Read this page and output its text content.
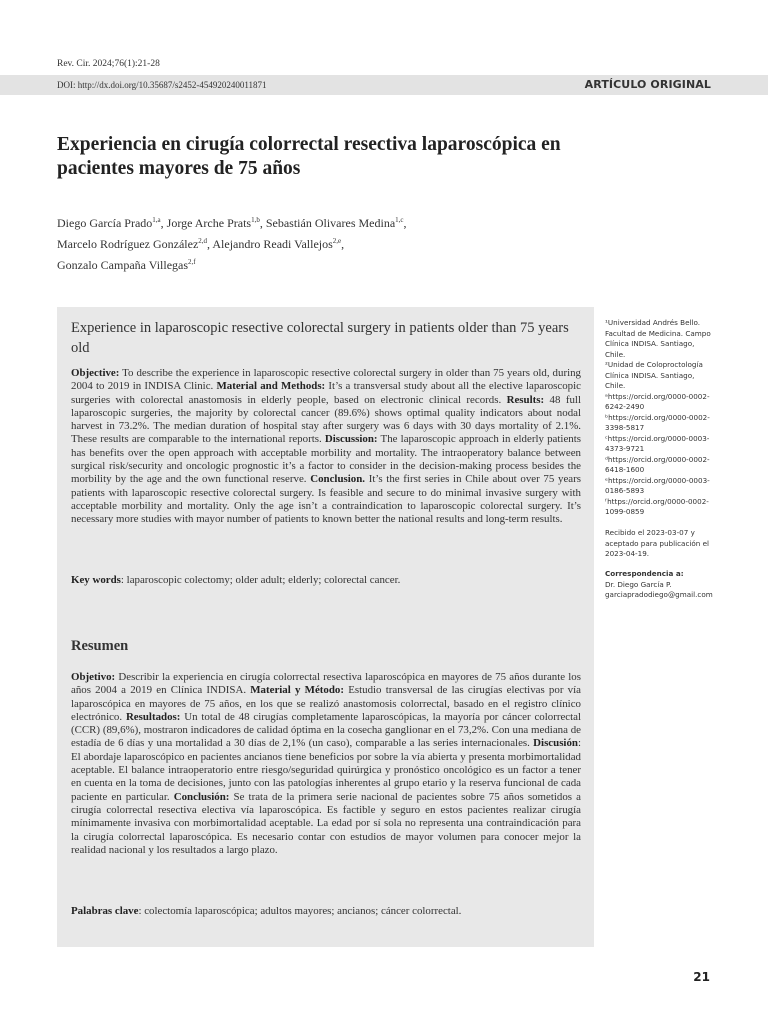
Rev. Cir. 2024;76(1):21-28
DOI: http://dx.doi.org/10.35687/s2452-454920240011871	ARTÍCULO ORIGINAL
Experiencia en cirugía colorrectal resectiva laparoscópica en pacientes mayores de 75 años
Diego García Prado$^{1,a}$, Jorge Arche Prats$^{1,b}$, Sebastián Olivares Medina$^{1,c}$,
Marcelo Rodríguez González$^{2,d}$, Alejandro Readi Vallejos$^{2,e}$,
Gonzalo Campaña Villegas$^{2,f}$
Experience in laparoscopic resective colorectal surgery in patients older than 75 years old

Objective: To describe the experience in laparoscopic resective colorectal surgery in older than 75 years old, during 2004 to 2019 in INDISA Clinic. Material and Methods: It’s a transversal study about all the elective laparoscopic surgeries with colorectal anastomosis in elderly people, based on electronic clinical records. Results: 48 full laparoscopic surgeries, the majority by colorectal cancer (89.6%) shows optimal quality indicators about nodal harvest in 73.2%. The median duration of hospital stay after surgery was 6 days with 30 days mortality of 2.1%. These results are comparable to the international reports. Discussion: The laparoscopic approach in elderly patients has benefits over the open approach with acceptable morbility and mortality. The intraoperatory balance between surgical risk/security and oncologic prognostic it’s a factor to consider in the decision-making process besides the morbility by the age and the own functional reserve. Conclusion. It’s the first series in Chile about over 75 years patients with laparoscopic resective colorectal surgery. Is feasible and secure to do minimal invasive surgery with acceptable morbility and mortality. Only the age isn’t a contraindication to laparoscopic colorectal surgery. It’s necessary more studies with mayor number of patients to known better the national results and long-term results.

Key words: laparoscopic colectomy; older adult; elderly; colorectal cancer.

Resumen

Objetivo: Describir la experiencia en cirugía colorrectal resectiva laparoscópica en mayores de 75 años durante los años 2004 a 2019 en Clínica INDISA. Material y Método: Estudio transversal de las cirugías electivas por vía laparoscópica en mayores de 75 años, en los que se realizó anastomosis colorrectal, basado en el registro clínico electrónico. Resultados: Un total de 48 cirugías completamente laparoscópicas, la mayoría por cáncer colorrectal (CCR) (89,6%), mostraron indicadores de calidad óptima en la cosecha ganglionar en el 73,2%. Con una mediana de estadía de 6 días y una mortalidad a 30 días de 2,1% (un caso), comparable a las series internacionales. Discusión: El abordaje laparoscópico en pacientes ancianos tiene beneficios por sobre la vía abierta y presenta morbimortalidad aceptable. El balance intraoperatorio entre riesgo/seguridad quirúrgica y pronóstico oncológico es un factor a tener en cuenta en la toma de decisiones, junto con las patologías inherentes al grupo etario y la reserva funcional de cada paciente en particular. Conclusión: Se trata de la primera serie nacional de pacientes sobre 75 años sometidos a cirugía colorrectal resectiva electiva vía laparoscópica. Es factible y seguro en estos pacientes realizar cirugía mínimamente invasiva con morbimortalidad aceptable. La edad por sí sola no representa una contraindicación para la cirugía colorrectal laparoscópica. Es necesario contar con estudios de mayor volumen para conocer mejor la realidad nacional y los resultados a largo plazo.

Palabras clave: colectomía laparoscópica; adultos mayores; ancianos; cáncer colorrectal.

¹Universidad Andrés Bello. Facultad de Medicina. Campo Clínica INDISA. Santiago, Chile.
²Unidad de Coloproctología Clínica INDISA. Santiago, Chile.
ᵃhttps://orcid.org/0000-0002-6242-2490
ᵇhttps://orcid.org/0000-0002-3398-5817
ᶜhttps://orcid.org/0000-0003-4373-9721
ᵈhttps://orcid.org/0000-0002-6418-1600
ᵉhttps://orcid.org/0000-0003-0186-5893
ᶠhttps://orcid.org/0000-0002-1099-0859
Recibido el 2023-03-07 y aceptado para publicación el 2023-04-19.
Correspondencia a:
Dr. Diego García P.
garciapradodiego@gmail.com
21
